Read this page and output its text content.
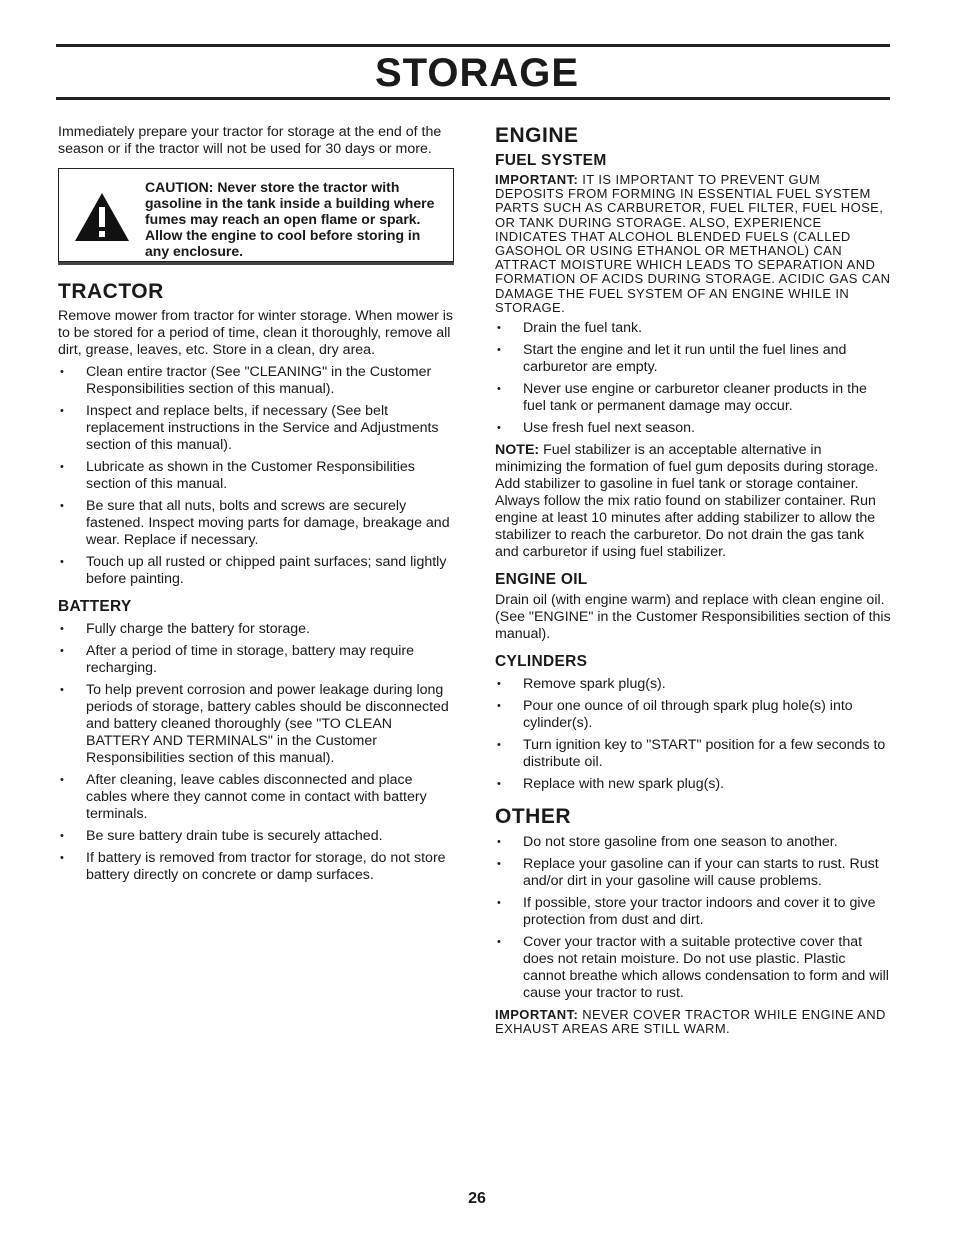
STORAGE

Immediately prepare your tractor for storage at the end of the season or if the tractor will not be used for 30 days or more.

CAUTION: Never store the tractor with gasoline in the tank inside a building where fumes may reach an open flame or spark. Allow the engine to cool before storing in any enclosure.
TRACTOR

Remove mower from tractor for winter storage. When mower is to be stored for a period of time, clean it thoroughly, remove all dirt, grease, leaves, etc. Store in a clean, dry area.

• Clean entire tractor (See "CLEANING" in the Customer Responsibilities section of this manual).
• Inspect and replace belts, if necessary (See belt replacement instructions in the Service and Adjustments section of this manual).
• Lubricate as shown in the Customer Responsibilities section of this manual.
• Be sure that all nuts, bolts and screws are securely fastened. Inspect moving parts for damage, breakage and wear. Replace if necessary.
• Touch up all rusted or chipped paint surfaces; sand lightly before painting.
BATTERY
• Fully charge the battery for storage.
• After a period of time in storage, battery may require recharging.
• To help prevent corrosion and power leakage during long periods of storage, battery cables should be disconnected and battery cleaned thoroughly (see "TO CLEAN BATTERY AND TERMINALS" in the Customer Responsibilities section of this manual).
• After cleaning, leave cables disconnected and place cables where they cannot come in contact with battery terminals.
• Be sure battery drain tube is securely attached.
• If battery is removed from tractor for storage, do not store battery directly on concrete or damp surfaces.
ENGINE
FUEL SYSTEM

IMPORTANT: IT IS IMPORTANT TO PREVENT GUM DEPOSITS FROM FORMING IN ESSENTIAL FUEL SYSTEM PARTS SUCH AS CARBURETOR, FUEL FILTER, FUEL HOSE, OR TANK DURING STORAGE. ALSO, EXPERIENCE INDICATES THAT ALCOHOL BLENDED FUELS (CALLED GASOHOL OR USING ETHANOL OR METHANOL) CAN ATTRACT MOISTURE WHICH LEADS TO SEPARATION AND FORMATION OF ACIDS DURING STORAGE. ACIDIC GAS CAN DAMAGE THE FUEL SYSTEM OF AN ENGINE WHILE IN STORAGE.

• Drain the fuel tank.
• Start the engine and let it run until the fuel lines and carburetor are empty.
• Never use engine or carburetor cleaner products in the fuel tank or permanent damage may occur.
• Use fresh fuel next season.

NOTE: Fuel stabilizer is an acceptable alternative in minimizing the formation of fuel gum deposits during storage. Add stabilizer to gasoline in fuel tank or storage container. Always follow the mix ratio found on stabilizer container. Run engine at least 10 minutes after adding stabilizer to allow the stabilizer to reach the carburetor. Do not drain the gas tank and carburetor if using fuel stabilizer.

ENGINE OIL

Drain oil (with engine warm) and replace with clean engine oil. (See "ENGINE" in the Customer Responsibilities section of this manual).

CYLINDERS
• Remove spark plug(s).
• Pour one ounce of oil through spark plug hole(s) into cylinder(s).
• Turn ignition key to "START" position for a few seconds to distribute oil.
• Replace with new spark plug(s).
OTHER
• Do not store gasoline from one season to another.
• Replace your gasoline can if your can starts to rust. Rust and/or dirt in your gasoline will cause problems.
• If possible, store your tractor indoors and cover it to give protection from dust and dirt.
• Cover your tractor with a suitable protective cover that does not retain moisture. Do not use plastic. Plastic cannot breathe which allows condensation to form and will cause your tractor to rust.

IMPORTANT: NEVER COVER TRACTOR WHILE ENGINE AND EXHAUST AREAS ARE STILL WARM.

26
